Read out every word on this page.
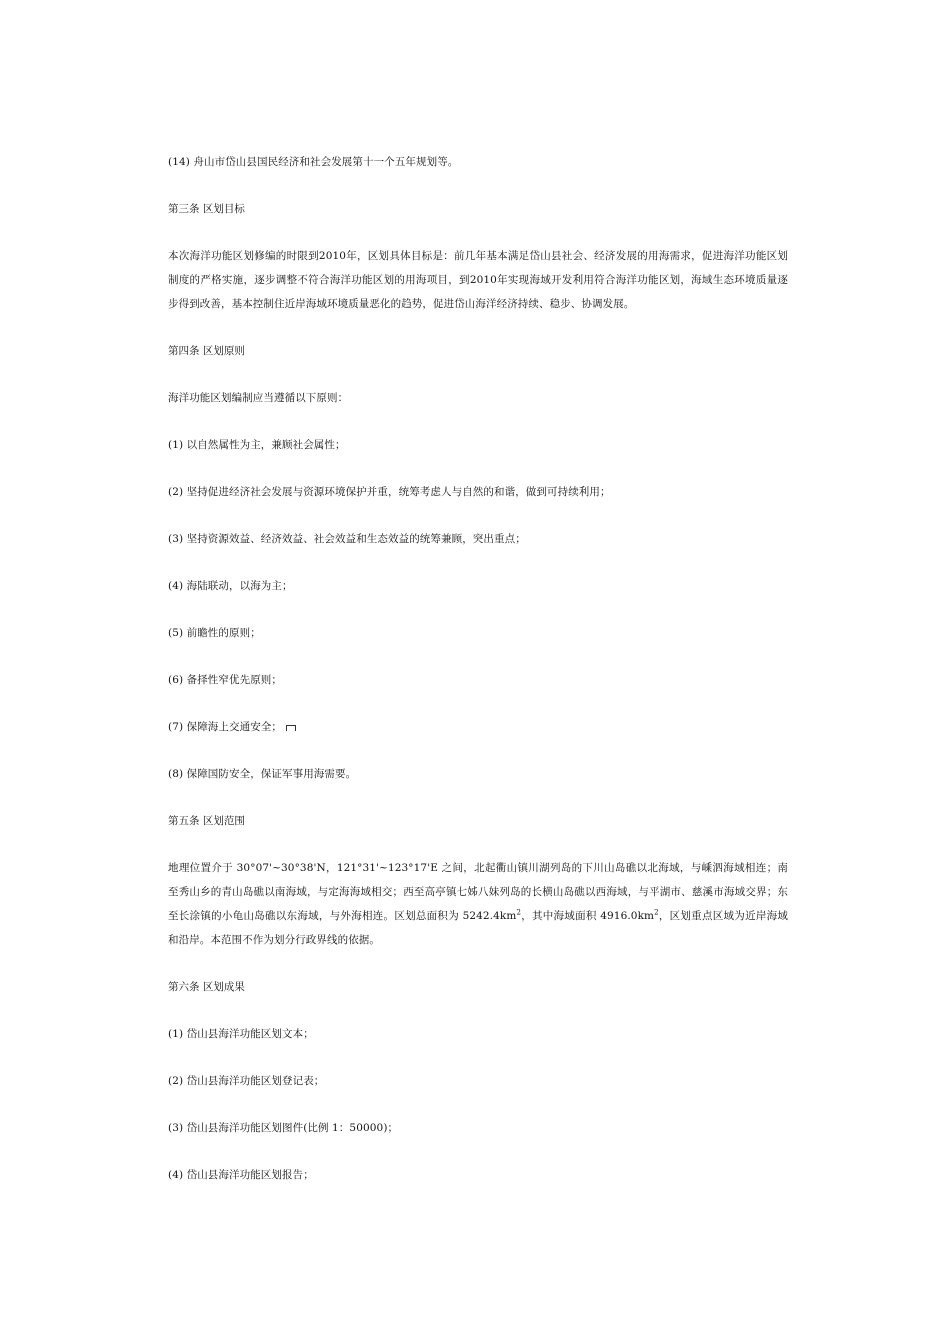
(14) 舟山市岱山县国民经济和社会发展第十一个五年规划等。

第三条 区划目标

本次海洋功能区划修编的时限到2010年，区划具体目标是：前几年基本满足岱山县社会、经济发展的用海需求，促进海洋功能区划制度的严格实施，逐步调整不符合海洋功能区划的用海项目，到2010年实现海域开发利用符合海洋功能区划，海域生态环境质量逐步得到改善，基本控制住近岸海域环境质量恶化的趋势，促进岱山海洋经济持续、稳步、协调发展。

第四条 区划原则

海洋功能区划编制应当遵循以下原则：

(1) 以自然属性为主，兼顾社会属性；

(2) 坚持促进经济社会发展与资源环境保护并重，统筹考虑人与自然的和谐，做到可持续利用；

(3) 坚持资源效益、经济效益、社会效益和生态效益的统筹兼顾，突出重点；

(4) 海陆联动，以海为主；

(5) 前瞻性的原则；

(6) 备择性窄优先原则；

(7) 保障海上交通安全；

(8) 保障国防安全，保证军事用海需要。

第五条 区划范围

地理位置介于 30°07'~30°38'N，121°31'~123°17'E 之间，北起衢山镇川湖列岛的下川山岛礁以北海域，与嵊泗海域相连；南至秀山乡的青山岛礁以南海域，与定海海域相交；西至高亭镇七姊八妹列岛的长横山岛礁以西海域，与平湖市、慈溪市海域交界；东至长涂镇的小龟山岛礁以东海域，与外海相连。区划总面积为 $5242.4km^2$，其中海域面积 $4916.0km^2$，区划重点区域为近岸海域和沿岸。本范围不作为划分行政界线的依据。

第六条 区划成果

(1) 岱山县海洋功能区划文本；

(2) 岱山县海洋功能区划登记表；

(3) 岱山县海洋功能区划图件(比例 1：50000)；

(4) 岱山县海洋功能区划报告；
